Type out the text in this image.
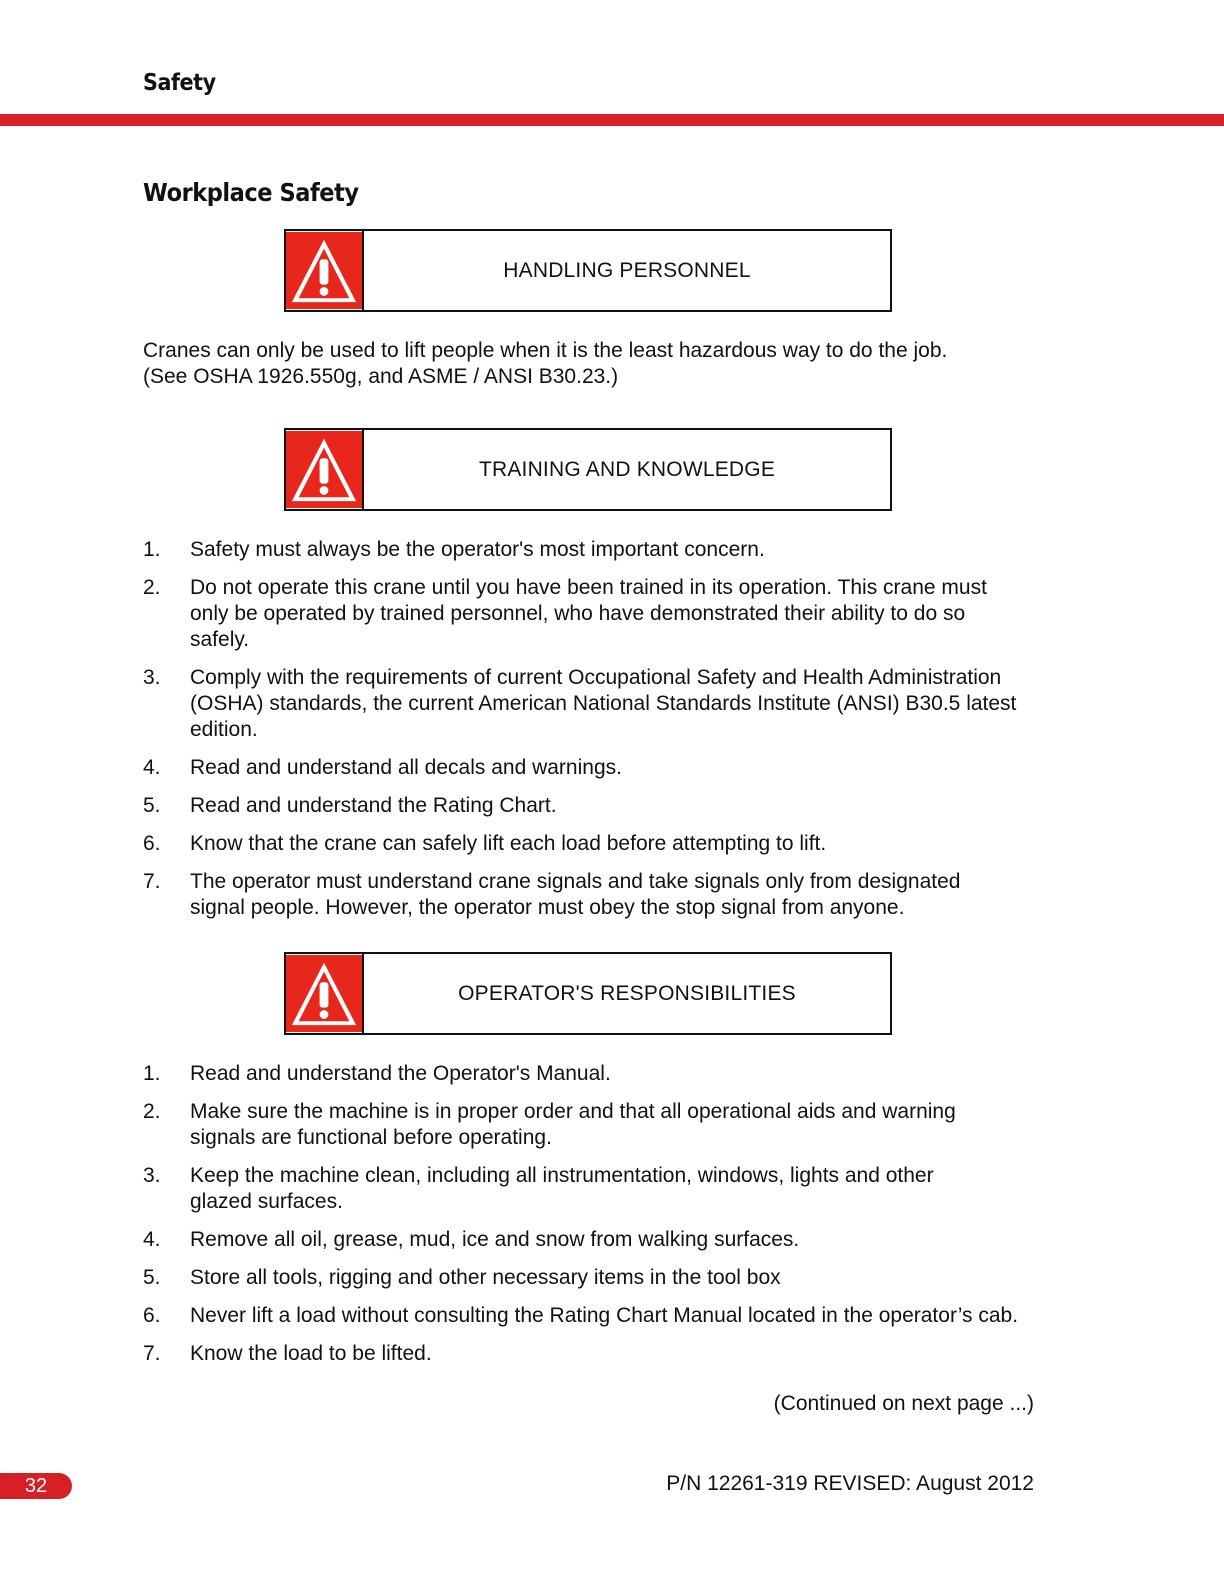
Safety
Workplace Safety
HANDLING PERSONNEL
Cranes can only be used to lift people when it is the least hazardous way to do the job.
(See OSHA 1926.550g, and ASME / ANSI B30.23.)
TRAINING AND KNOWLEDGE
1.	Safety must always be the operator's most important concern.
2.	Do not operate this crane until you have been trained in its operation. This crane must only be operated by trained personnel, who have demonstrated their ability to do so safely.
3.	Comply with the requirements of current Occupational Safety and Health Administration (OSHA) standards, the current American National Standards Institute (ANSI) B30.5 latest edition.
4.	Read and understand all decals and warnings.
5.	Read and understand the Rating Chart.
6.	Know that the crane can safely lift each load before attempting to lift.
7.	The operator must understand crane signals and take signals only from designated signal people. However, the operator must obey the stop signal from anyone.
OPERATOR'S RESPONSIBILITIES
1.	Read and understand the Operator's Manual.
2.	Make sure the machine is in proper order and that all operational aids and warning signals are functional before operating.
3.	Keep the machine clean, including all instrumentation, windows, lights and other glazed surfaces.
4.	Remove all oil, grease, mud, ice and snow from walking surfaces.
5.	Store all tools, rigging and other necessary items in the tool box
6.	Never lift a load without consulting the Rating Chart Manual located in the operator’s cab.
7.	Know the load to be lifted.
(Continued on next page ...)
32	P/N 12261-319 REVISED: August 2012
